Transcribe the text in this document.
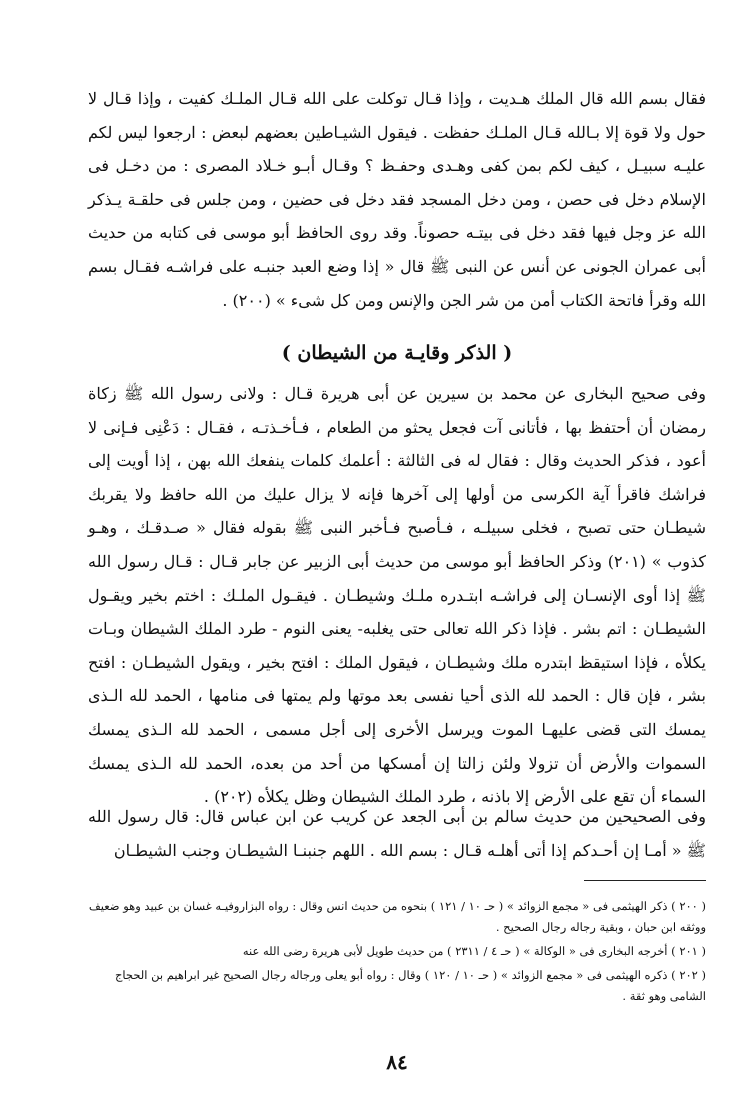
فقال بسم الله قال الملك هـديت ، وإذا قـال توكلت على الله قـال الملـك كفيت ، وإذا قـال لا حول ولا قوة إلا بـالله قـال الملـك حفظت . فيقول الشيـاطين بعضهم لبعض : ارجعوا ليس لكم عليـه سبيـل ، كيف لكم بمن كفى وهـدى وحفـظ ؟ وقـال أبـو خـلاد المصرى : من دخـل فى الإسلام دخل فى حصن ، ومن دخل المسجد فقد دخل فى حضين ، ومن جلس فى حلقـة يـذكر الله عز وجل فيها فقد دخل فى بيتـه حصوناً. وقد روى الحافظ أبو موسى فى كتابه من حديث أبى عمران الجونى عن أنس عن النبى ﷺ قال « إذا وضع العبد جنبـه على فراشـه فقـال بسم الله وقرأ فاتحة الكتاب أمن من شر الجن والإنس ومن كل شىء » (٢٠٠) .

( الذكر وقايـة من الشيطان )

وفى صحيح البخارى عن محمد بن سيرين عن أبى هريرة قـال : ولانى رسول الله ﷺ زكاة رمضان أن أحتفظ بها ، فأتانى آت فجعل يحثو من الطعام ، فـأخـذتـه ، فقـال : دَعْنِى فـإنى لا أعود ، فذكر الحديث وقال : فقال له فى الثالثة : أعلمك كلمات ينفعك الله بهن ، إذا أويت إلى فراشك فاقرأ آية الكرسى من أولها إلى آخرها فإنه لا يزال عليك من الله حافظ ولا يقربك شيطـان حتى تصبح ، فخلى سبيلـه ، فـأصبح فـأخبر النبى ﷺ بقوله فقال « صـدقـك ، وهـو كذوب » (٢٠١) وذكر الحافظ أبو موسى من حديث أبى الزبير عن جابر قـال : قـال رسول الله ﷺ إذا أوى الإنسـان إلى فراشـه ابتـدره ملـك وشيطـان . فيقـول الملـك : اختم بخير ويقـول الشيطـان : اتم بشر . فإذا ذكر الله تعالى حتى يغلبه- يعنى النوم - طرد الملك الشيطان وبـات يكلأه ، فإذا استيقظ ابتدره ملك وشيطـان ، فيقول الملك : افتح بخير ، ويقول الشيطـان : افتح بشر ، فإن قال : الحمد لله الذى أحيا نفسى بعد موتها ولم يمتها فى منامها ، الحمد لله الـذى يمسك التى قضى عليهـا الموت ويرسل الأخرى إلى أجل مسمى ، الحمد لله الـذى يمسك السموات والأرض أن تزولا ولئن زالتا إن أمسكها من أحد من بعده، الحمد لله الـذى يمسك السماء أن تقع على الأرض إلا باذنه ، طرد الملك الشيطان وظل يكلأه (٢٠٢) .

وفى الصحيحين من حديث سالم بن أبى الجعد عن كريب عن ابن عباس قال: قال رسول الله ﷺ « أمـا إن أحـدكم إذا أتى أهلـه قـال : بسم الله . اللهم جنبنـا الشيطـان وجنب الشيطـان

( ٢٠٠ ) ذكر الهيثمى فى « مجمع الزوائد » ( حـ ١٠ / ١٢١ ) بنحوه من حديث انس وقال : رواه البزاروفيـه غسان بن عبيد وهو ضعيف ووثقه ابن حبان ، وبقية رجاله رجال الصحيح .

( ٢٠١ ) أخرجه البخارى فى « الوكالة » ( حـ ٤ / ٢٣١١ ) من حديث طويل لأبى هريرة رضى الله عنه

( ٢٠٢ ) ذكره الهيثمى فى « مجمع الزوائد » ( حـ ١٠ / ١٢٠ ) وقال : رواه أبو يعلى ورجاله رجال الصحيح غير ابراهيم بن الحجاج الشامى وهو ثقة .

٨٤
